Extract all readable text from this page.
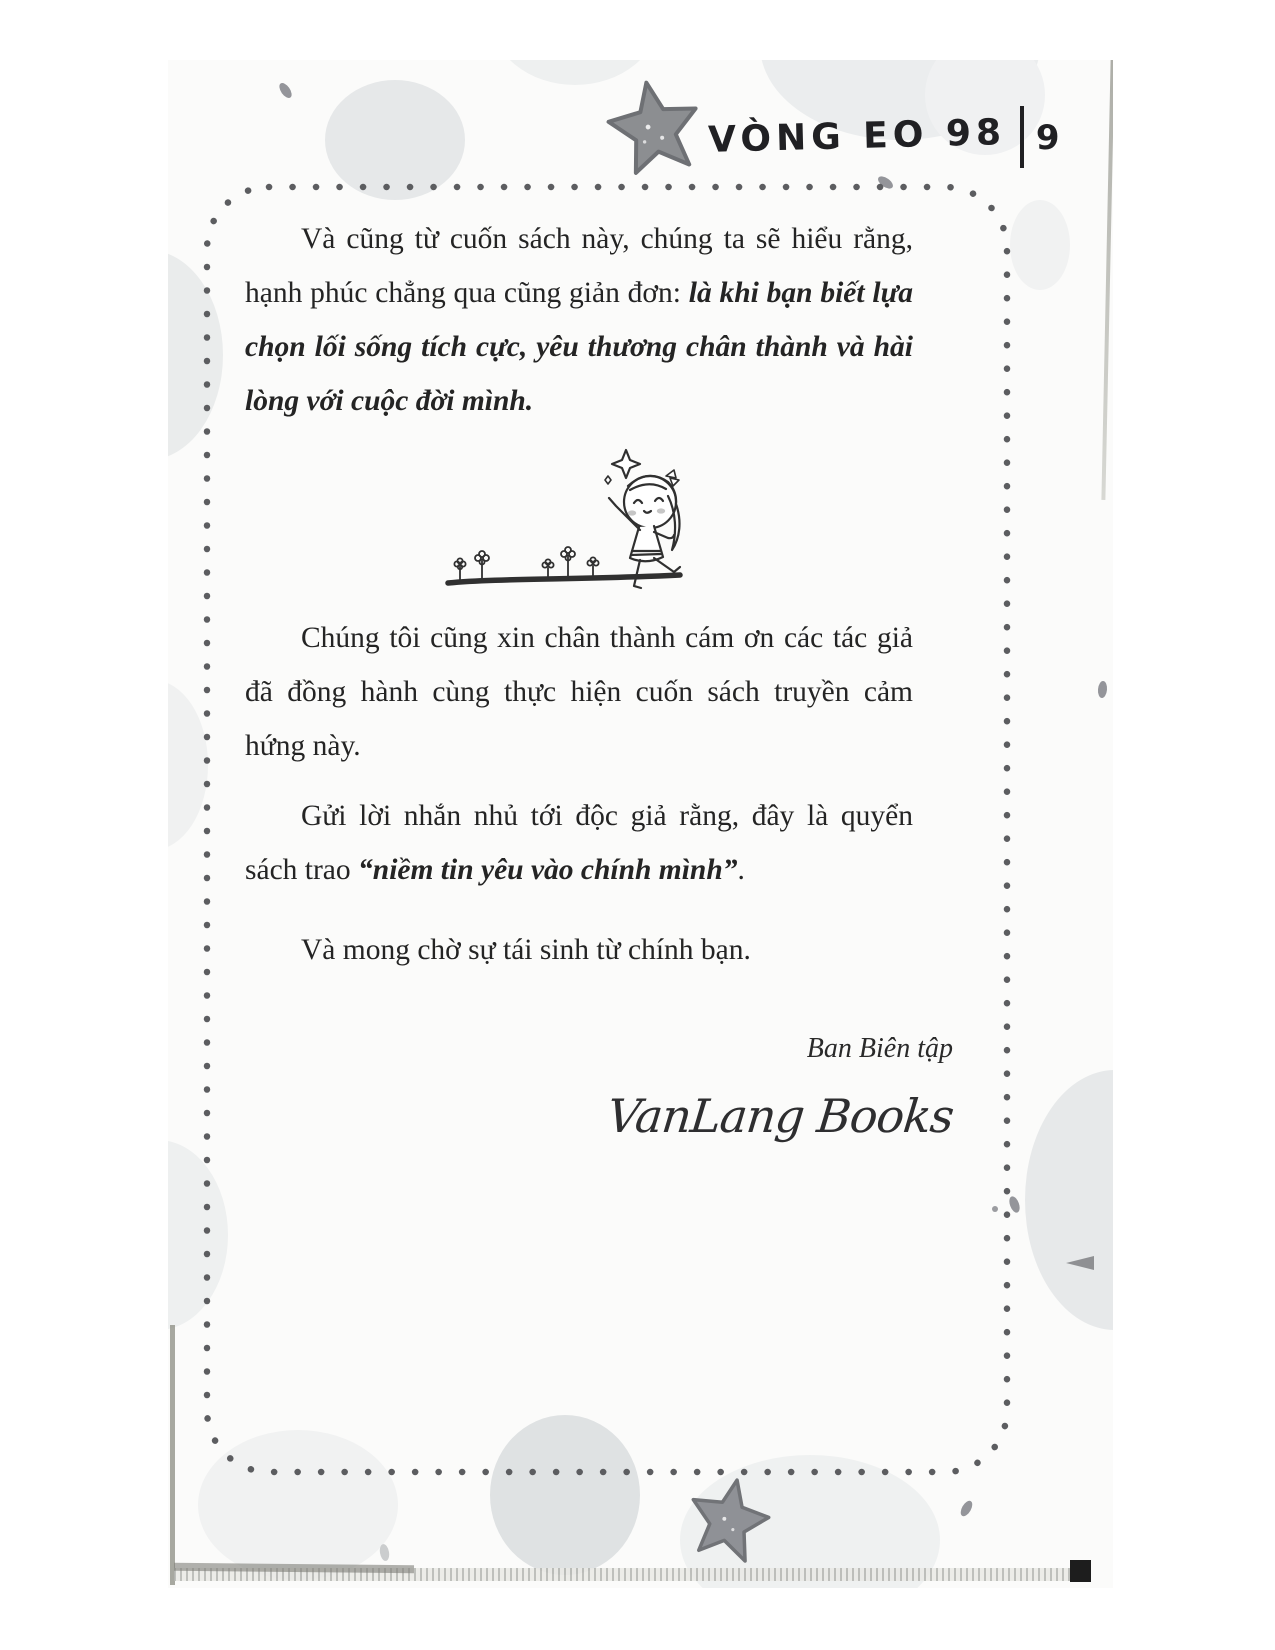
VÒNG EO 98 9

Và cũng từ cuốn sách này, chúng ta sẽ hiểu rằng, hạnh phúc chẳng qua cũng giản đơn: là khi bạn biết lựa chọn lối sống tích cực, yêu thương chân thành và hài lòng với cuộc đời mình.

Chúng tôi cũng xin chân thành cám ơn các tác giả đã đồng hành cùng thực hiện cuốn sách truyền cảm hứng này.

Gửi lời nhắn nhủ tới độc giả rằng, đây là quyển sách trao “niềm tin yêu vào chính mình”.

Và mong chờ sự tái sinh từ chính bạn.

Ban Biên tập
VanLang Books
